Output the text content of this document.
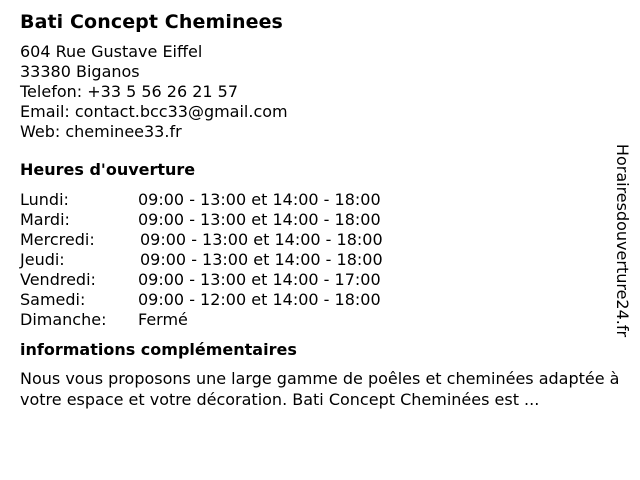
Bati Concept Cheminees
604 Rue Gustave Eiffel
33380 Biganos
Telefon: +33 5 56 26 21 57
Email: contact.bcc33@gmail.com
Web: cheminee33.fr
Heures d'ouverture
Lundi:	09:00 - 13:00 et 14:00 - 18:00
Mardi:	09:00 - 13:00 et 14:00 - 18:00
Mercredi:	09:00 - 13:00 et 14:00 - 18:00
Jeudi:	09:00 - 13:00 et 14:00 - 18:00
Vendredi:	09:00 - 13:00 et 14:00 - 17:00
Samedi:	09:00 - 12:00 et 14:00 - 18:00
Dimanche:	Fermé
informations complémentaires

Nous vous proposons une large gamme de poêles et cheminées adaptée à votre espace et votre décoration. Bati Concept Cheminées est ...

Horairesdouverture24.fr
